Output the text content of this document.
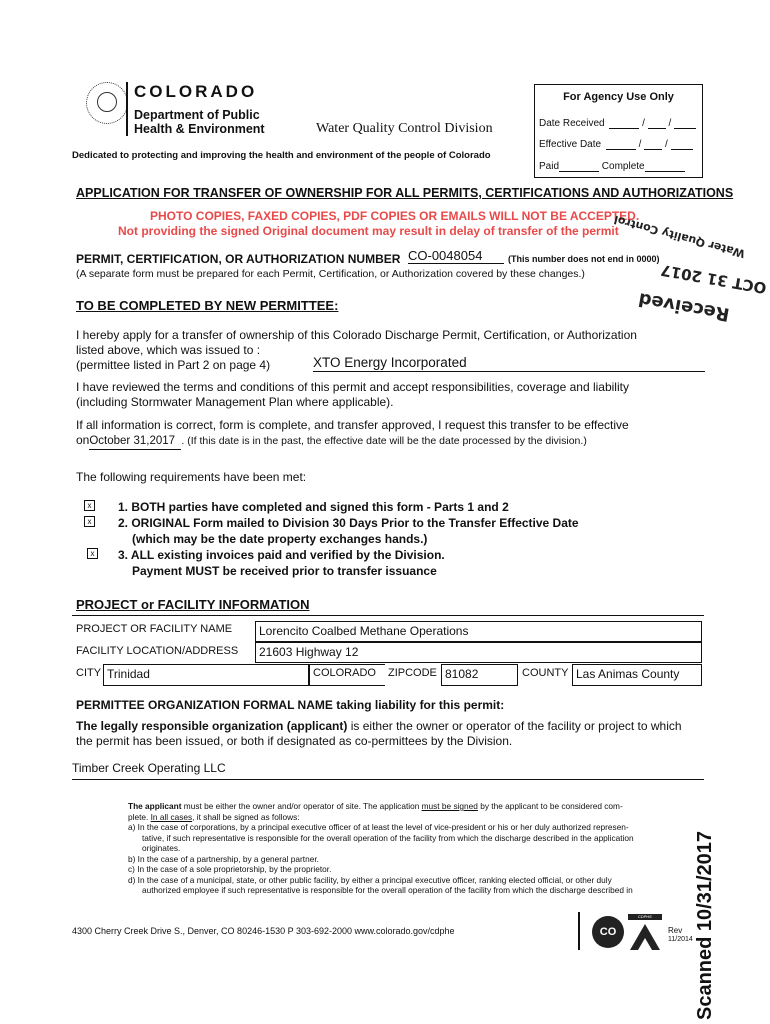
COLORADO
Department of Public
Health & Environment	Water Quality Control Division
Dedicated to protecting and improving the health and environment of the people of Colorado
For Agency Use Only
Date Received	/  /
Effective Date	/  /
Paid	Complete
APPLICATION FOR TRANSFER OF OWNERSHIP FOR ALL PERMITS, CERTIFICATIONS AND AUTHORIZATIONS
PHOTO COPIES, FAXED COPIES, PDF COPIES OR EMAILS WILL NOT BE ACCEPTED.
Not providing the signed Original document may result in delay of transfer of the permit
Water Quality Control
OCT 31 2017
Received
PERMIT, CERTIFICATION, OR AUTHORIZATION NUMBER CO-0048054	(This number does not end in 0000)
(A separate form must be prepared for each Permit, Certification, or Authorization covered by these changes.)
TO BE COMPLETED BY NEW PERMITTEE:
I hereby apply for a transfer of ownership of this Colorado Discharge Permit, Certification, or Authorization
listed above, which was issued to :
(permittee listed in Part 2 on page 4)	XTO Energy Incorporated
I have reviewed the terms and conditions of this permit and accept responsibilities, coverage and liability
(including Stormwater Management Plan where applicable).
If all information is correct, form is complete, and transfer approved, I request this transfer to be effective
onOctober 31,2017 . (If this date is in the past, the effective date will be the date processed by the division.)
The following requirements have been met:
x
x
x
1. BOTH parties have completed and signed this form - Parts 1 and 2
2. ORIGINAL Form mailed to Division 30 Days Prior to the Transfer Effective Date
(which may be the date property exchanges hands.)
3. ALL existing invoices paid and verified by the Division.
Payment MUST be received prior to transfer issuance
PROJECT or FACILITY INFORMATION
PROJECT OR FACILITY NAME	Lorencito Coalbed Methane Operations
FACILITY LOCATION/ADDRESS	21603 Highway 12
CITY Trinidad	COLORADO	ZIPCODE 81082	COUNTY Las Animas County
PERMITTEE ORGANIZATION FORMAL NAME taking liability for this permit:
The legally responsible organization (applicant) is either the owner or operator of the facility or project to which
the permit has been issued, or both if designated as co-permittees by the Division.
Timber Creek Operating LLC
The applicant must be either the owner and/or operator of site. The application must be signed by the applicant to be considered com-
plete. In all cases, it shall be signed as follows:
a) In the case of corporations, by a principal executive officer of at least the level of vice-president or his or her duly authorized represen-
tative, if such representative is responsible for the overall operation of the facility from which the discharge described in the application
originates.
b) In the case of a partnership, by a general partner.
c) In the case of a sole proprietorship, by the proprietor.
d) In the case of a municipal, state, or other public facility, by either a principal executive officer, ranking elected official, or other duly
authorized employee if such representative is responsible for the overall operation of the facility from which the discharge described in
4300 Cherry Creek Drive S., Denver, CO 80246-1530 P 303-692-2000 www.colorado.gov/cdphe	CO
CDPHE
Rev
11/2014 Scanned 10/31/2017
